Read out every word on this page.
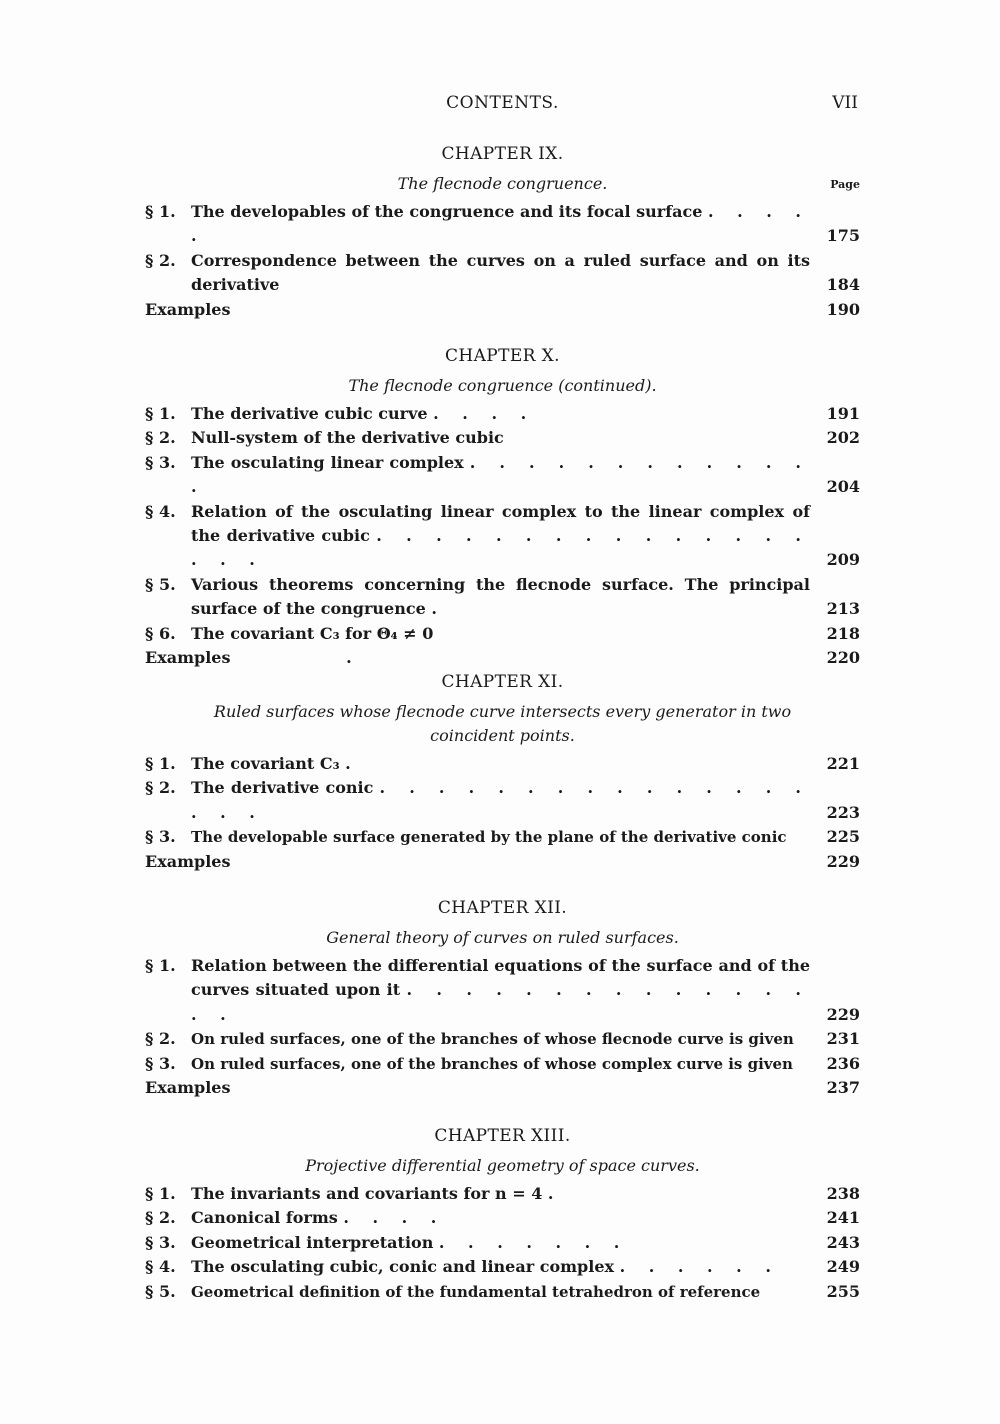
CONTENTS.	VII
CHAPTER IX.
The flecnode congruence.	Page
§ 1. The developables of the congruence and its focal surface . . . . .	175
§ 2. Correspondence between the curves on a ruled surface and on its derivative	184
Examples	190
CHAPTER X.
The flecnode congruence (continued).
§ 1. The derivative cubic curve . . . .	191
§ 2. Null-system of the derivative cubic	202
§ 3. The osculating linear complex . . . . . . . . . . . . .	204
§ 4. Relation of the osculating linear complex to the linear complex of the derivative cubic . . . . . . . . . . . . . . . . . .	209
§ 5. Various theorems concerning the flecnode surface. The principal surface of the congruence .	213
§ 6. The covariant C₃ for Θ₄ ≠ 0	218
Examples	.	220
CHAPTER XI.
Ruled surfaces whose flecnode curve intersects every generator in two coincident points.
§ 1. The covariant C₃ .	221
§ 2. The derivative conic . . . . . . . . . . . . . . . . . .	223
§ 3.	The developable surface generated by the plane of the derivative conic	225
Examples	229
CHAPTER XII.
General theory of curves on ruled surfaces.
§ 1. Relation between the differential equations of the surface and of the curves situated upon it . . . . . . . . . . . . . . . .	229
§ 2.	On ruled surfaces, one of the branches of whose flecnode curve is given	231
§ 3.	On ruled surfaces, one of the branches of whose complex curve is given	236
Examples	237
CHAPTER XIII.
Projective differential geometry of space curves.
§ 1. The invariants and covariants for n = 4 .	238
§ 2. Canonical forms . . . .	241
§ 3. Geometrical interpretation . . . . . . .	243
§ 4. The osculating cubic, conic and linear complex . . . . . .	249
§ 5.	Geometrical definition of the fundamental tetrahedron of reference	255
